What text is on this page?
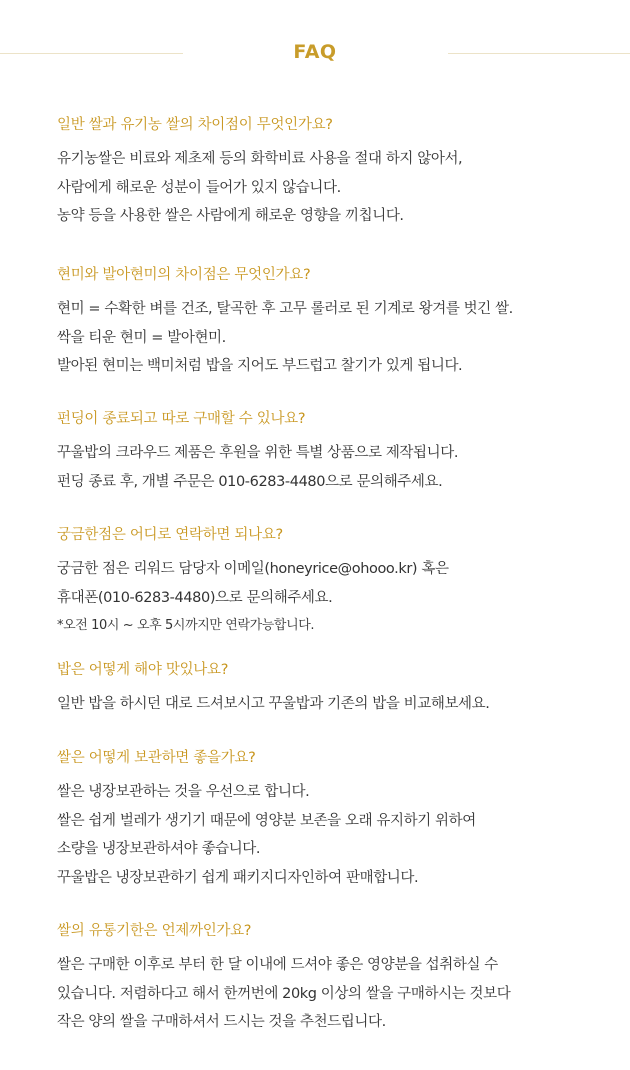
FAQ
일반 쌀과 유기농 쌀의 차이점이 무엇인가요?
유기농쌀은 비료와 제초제 등의 화학비료 사용을 절대 하지 않아서,
사람에게 해로운 성분이 들어가 있지 않습니다.
농약 등을 사용한 쌀은 사람에게 해로운 영향을 끼칩니다.
현미와 발아현미의 차이점은 무엇인가요?
현미 = 수확한 벼를 건조, 탈곡한 후 고무 롤러로 된 기계로 왕겨를 벗긴 쌀.
싹을 티운 현미 = 발아현미.
발아된 현미는 백미처럼 밥을 지어도 부드럽고 찰기가 있게 됩니다.
펀딩이 종료되고 따로 구매할 수 있나요?
꾸울밥의 크라우드 제품은 후원을 위한 특별 상품으로 제작됩니다.
펀딩 종료 후, 개별 주문은 010-6283-4480으로 문의해주세요.
궁금한점은 어디로 연락하면 되나요?
궁금한 점은 리워드 담당자 이메일(honeyrice@ohooo.kr) 혹은
휴대폰(010-6283-4480)으로 문의해주세요.
*오전 10시 ~ 오후 5시까지만 연락가능합니다.
밥은 어떻게 해야 맛있나요?
일반 밥을 하시던 대로 드셔보시고 꾸울밥과 기존의 밥을 비교해보세요.
쌀은 어떻게 보관하면 좋을가요?
쌀은 냉장보관하는 것을 우선으로 합니다.
쌀은 쉽게 벌레가 생기기 때문에 영양분 보존을 오래 유지하기 위하여
소량을 냉장보관하셔야 좋습니다.
꾸울밥은 냉장보관하기 쉽게 패키지디자인하여 판매합니다.
쌀의 유통기한은 언제까인가요?
쌀은 구매한 이후로 부터 한 달 이내에 드셔야 좋은 영양분을 섭취하실 수
있습니다. 저렴하다고 해서 한꺼번에 20kg 이상의 쌀을 구매하시는 것보다
작은 양의 쌀을 구매하셔서 드시는 것을 추천드립니다.
